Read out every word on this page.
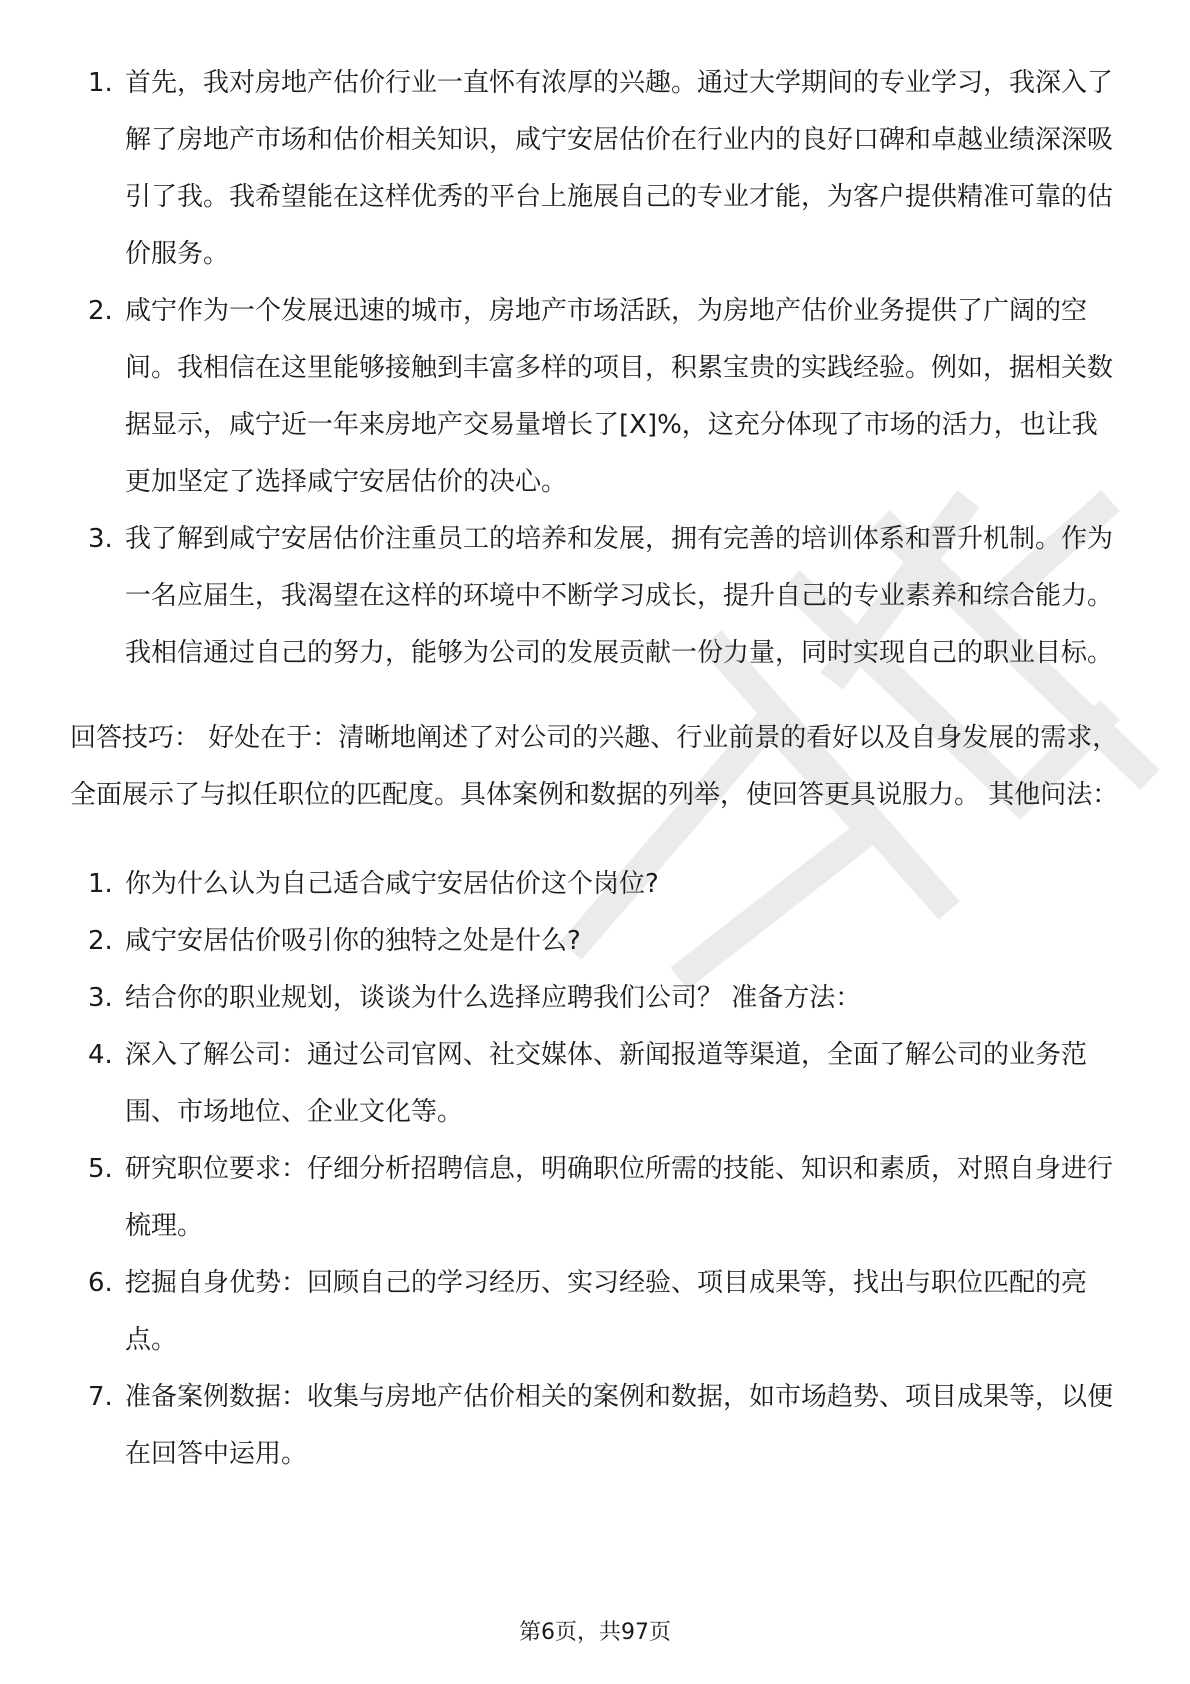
1. 首先，我对房地产估价行业一直怀有浓厚的兴趣。通过大学期间的专业学习，我深入了解了房地产市场和估价相关知识，咸宁安居估价在行业内的良好口碑和卓越业绩深深吸引了我。我希望能在这样优秀的平台上施展自己的专业才能，为客户提供精准可靠的估价服务。
2. 咸宁作为一个发展迅速的城市，房地产市场活跃，为房地产估价业务提供了广阔的空间。我相信在这里能够接触到丰富多样的项目，积累宝贵的实践经验。例如，据相关数据显示，咸宁近一年来房地产交易量增长了[X]%，这充分体现了市场的活力，也让我更加坚定了选择咸宁安居估价的决心。
3. 我了解到咸宁安居估价注重员工的培养和发展，拥有完善的培训体系和晋升机制。作为一名应届生，我渴望在这样的环境中不断学习成长，提升自己的专业素养和综合能力。我相信通过自己的努力，能够为公司的发展贡献一份力量，同时实现自己的职业目标。

回答技巧： 好处在于：清晰地阐述了对公司的兴趣、行业前景的看好以及自身发展的需求，全面展示了与拟任职位的匹配度。具体案例和数据的列举，使回答更具说服力。 其他问法：

1. 你为什么认为自己适合咸宁安居估价这个岗位?
2. 咸宁安居估价吸引你的独特之处是什么?
3. 结合你的职业规划，谈谈为什么选择应聘我们公司？ 准备方法：
4. 深入了解公司：通过公司官网、社交媒体、新闻报道等渠道，全面了解公司的业务范围、市场地位、企业文化等。
5. 研究职位要求：仔细分析招聘信息，明确职位所需的技能、知识和素质，对照自身进行梳理。
6. 挖掘自身优势：回顾自己的学习经历、实习经验、项目成果等，找出与职位匹配的亮点。
7. 准备案例数据：收集与房地产估价相关的案例和数据，如市场趋势、项目成果等，以便在回答中运用。
第6页，共97页
